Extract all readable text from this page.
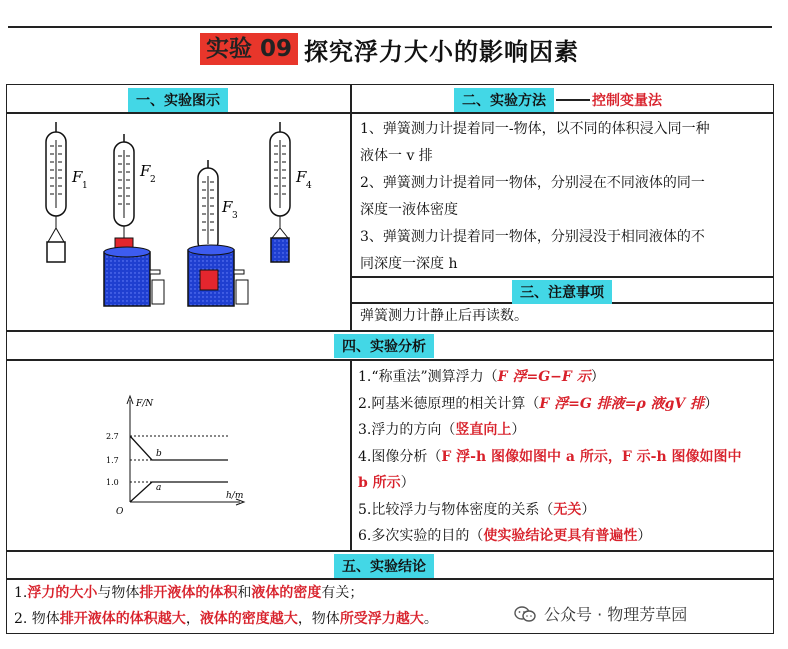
实验 09 探究浮力大小的影响因素
一、实验图示	二、实验方法	控制变量法
1、弹簧测力计提着同一-物体，以不同的体积浸入同一种
液体一 v 排
2、弹簧测力计提着同一物体，分别浸在不同液体的同一
深度一液体密度
3、弹簧测力计提着同一物体，分别浸没于相同液体的不
同深度一深度 h
三、注意事项
弹簧测力计静止后再读数。
F 1
F 2
F 3
F 4
四、实验分析
F/N
h/m
O
2.7
1.7
1.0
b
a
1.“称重法”测算浮力（F 浮=G−F 示）
2.阿基米德原理的相关计算（F 浮=G 排液=ρ 液gV 排）
3.浮力的方向（竖直向上）
4.图像分析（F 浮-h 图像如图中 a 所示，F 示-h 图像如图中
b 所示）
5.比较浮力与物体密度的关系（无关）
6.多次实验的目的（使实验结论更具有普遍性）
五、实验结论
1.浮力的大小与物体排开液体的体积和液体的密度有关；
2. 物体排开液体的体积越大，液体的密度越大，物体所受浮力越大。	公众号 · 物理芳草园
